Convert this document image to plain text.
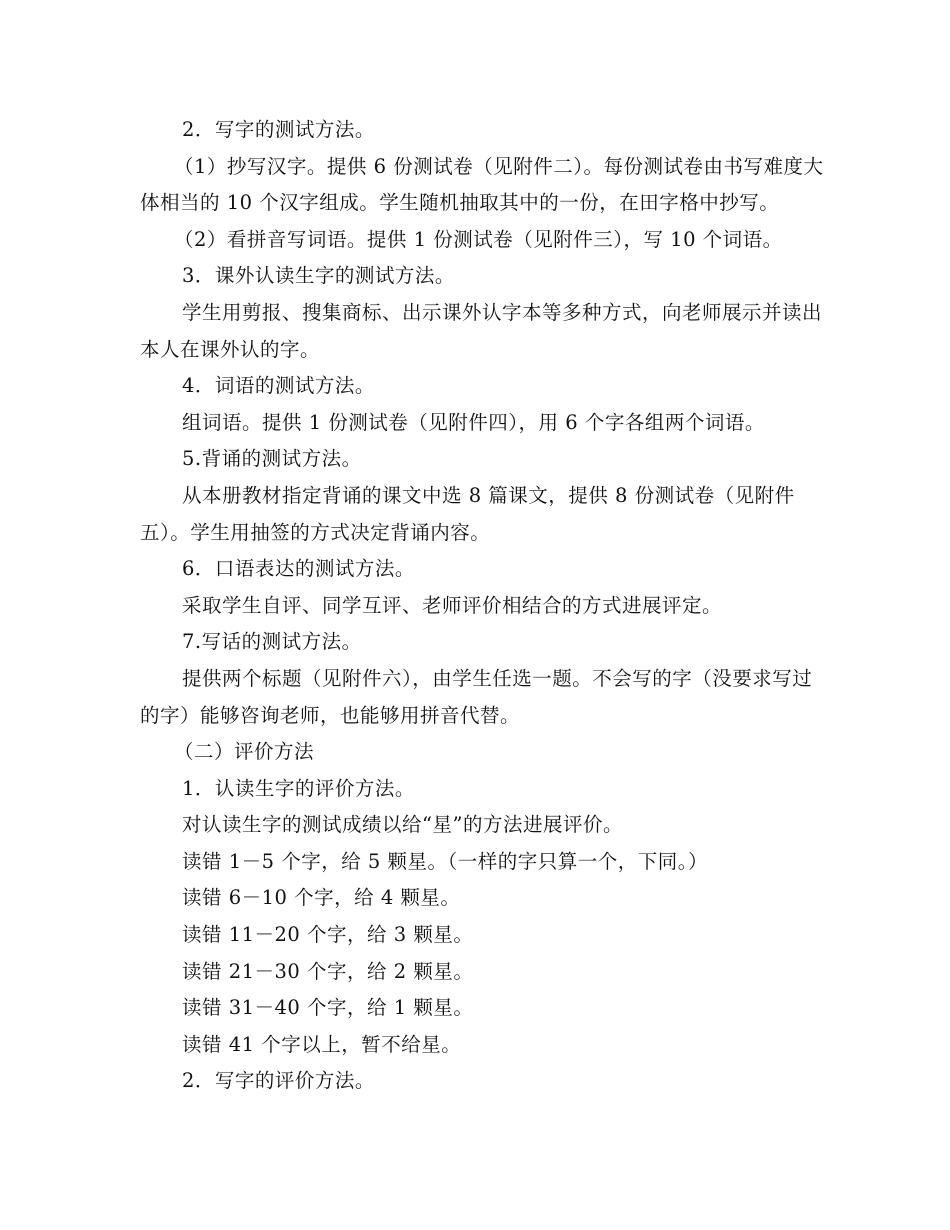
2．写字的测试方法。

（1）抄写汉字。提供 6 份测试卷（见附件二）。每份测试卷由书写难度大体相当的 10 个汉字组成。学生随机抽取其中的一份，在田字格中抄写。

（2）看拼音写词语。提供 1 份测试卷（见附件三），写 10 个词语。

3．课外认读生字的测试方法。

学生用剪报、搜集商标、出示课外认字本等多种方式，向老师展示并读出本人在课外认的字。

4．词语的测试方法。

组词语。提供 1 份测试卷（见附件四），用 6 个字各组两个词语。

5.背诵的测试方法。

从本册教材指定背诵的课文中选 8 篇课文，提供 8 份测试卷（见附件五）。学生用抽签的方式决定背诵内容。

6．口语表达的测试方法。

采取学生自评、同学互评、老师评价相结合的方式进展评定。

7.写话的测试方法。

提供两个标题（见附件六），由学生任选一题。不会写的字（没要求写过的字）能够咨询老师，也能够用拼音代替。

（二）评价方法

1．认读生字的评价方法。

对认读生字的测试成绩以给“星”的方法进展评价。

读错 1－5 个字，给 5 颗星。（一样的字只算一个，下同。）

读错 6－10 个字，给 4 颗星。

读错 11－20 个字，给 3 颗星。

读错 21－30 个字，给 2 颗星。

读错 31－40 个字，给 1 颗星。

读错 41 个字以上，暂不给星。

2．写字的评价方法。
